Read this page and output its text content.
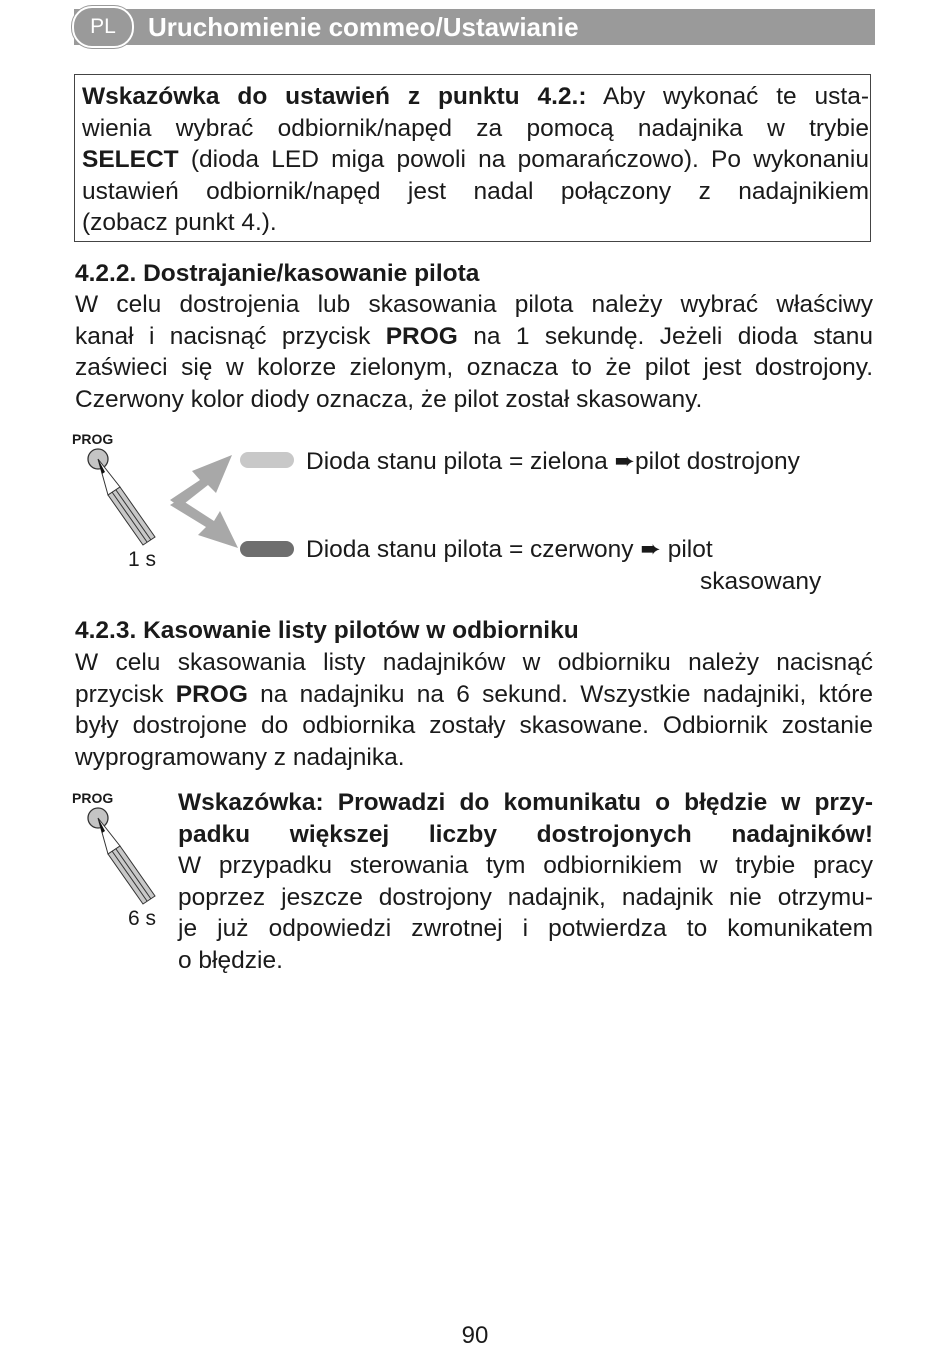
PL	Uruchomienie commeo/Ustawianie
Wskazówka do ustawień z punktu 4.2.: Aby wykonać te usta-
wienia wybrać odbiornik/napęd za pomocą nadajnika w trybie
SELECT (dioda LED miga powoli na pomarańczowo). Po wykonaniu
ustawień odbiornik/napęd jest nadal połączony z nadajnikiem
(zobacz punkt 4.).
4.2.2. Dostrajanie/kasowanie pilota
W celu dostrojenia lub skasowania pilota należy wybrać właściwy
kanał i nacisnąć przycisk PROG na 1 sekundę. Jeżeli dioda stanu
zaświeci się w kolorze zielonym, oznacza to że pilot jest dostrojony.
Czerwony kolor diody oznacza, że pilot został skasowany.
PROG
1 s
Dioda stanu pilota = zielona ➨pilot dostrojony
Dioda stanu pilota = czerwony ➨ pilot
skasowany
4.2.3. Kasowanie listy pilotów w odbiorniku
W celu skasowania listy nadajników w odbiorniku należy nacisnąć
przycisk PROG na nadajniku na 6 sekund. Wszystkie nadajniki, które
były dostrojone do odbiornika zostały skasowane. Odbiornik zostanie
wyprogramowany z nadajnika.
PROG
6 s
Wskazówka: Prowadzi do komunikatu o błędzie w przy-
padku większej liczby dostrojonych nadajników!
W przypadku sterowania tym odbiornikiem w trybie pracy
poprzez jeszcze dostrojony nadajnik, nadajnik nie otrzymu-
je już odpowiedzi zwrotnej i potwierdza to komunikatem
o błędzie.
90
